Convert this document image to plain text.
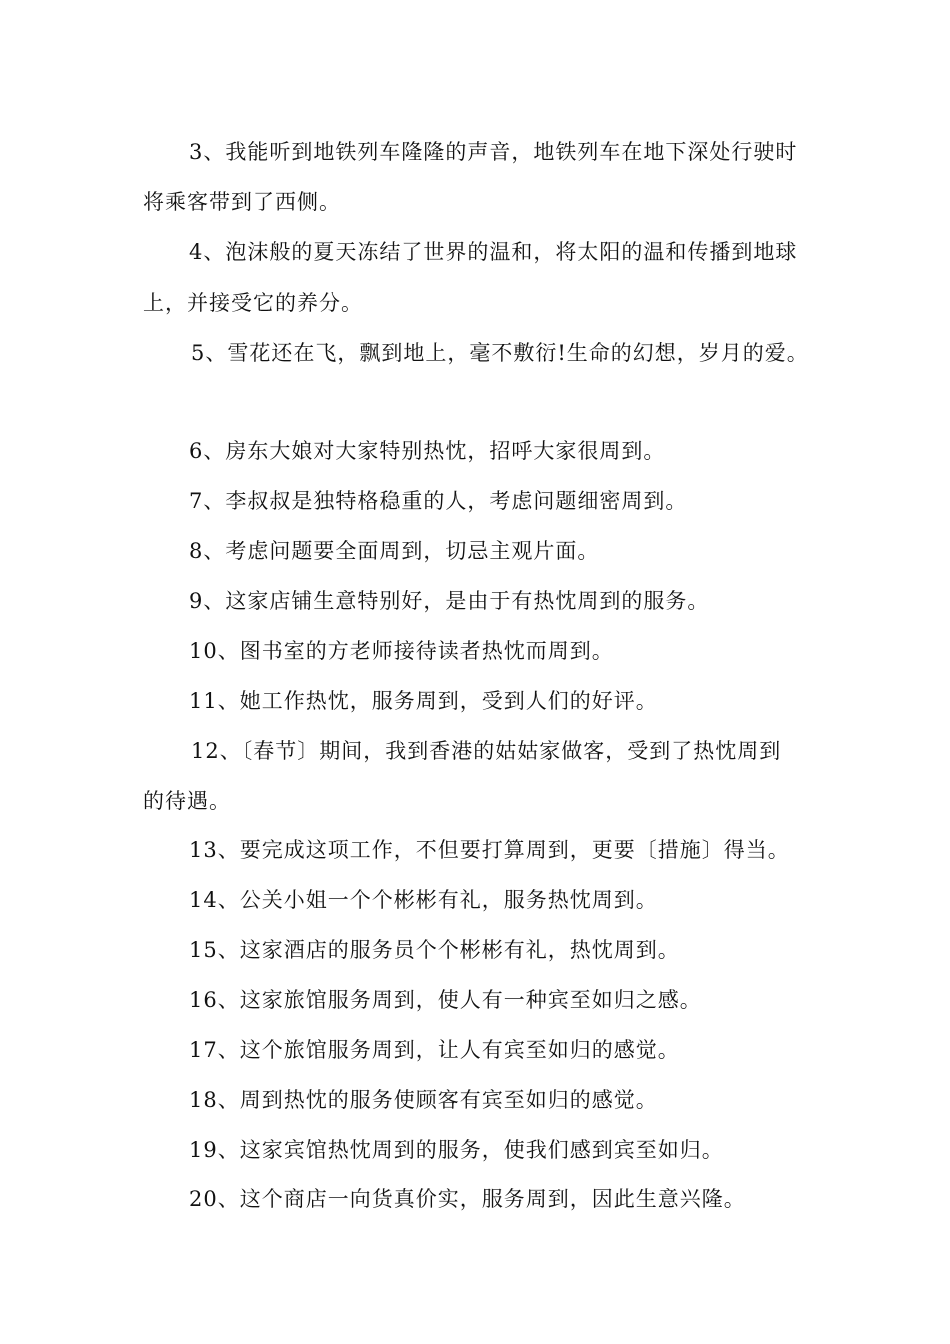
3、我能听到地铁列车隆隆的声音，地铁列车在地下深处行驶时
将乘客带到了西侧。
4、泡沫般的夏天冻结了世界的温和，将太阳的温和传播到地球
上，并接受它的养分。
5、雪花还在飞，飘到地上，毫不敷衍!生命的幻想，岁月的爱。
6、房东大娘对大家特别热忱，招呼大家很周到。
7、李叔叔是独特格稳重的人，考虑问题细密周到。
8、考虑问题要全面周到，切忌主观片面。
9、这家店铺生意特别好，是由于有热忱周到的服务。
10、图书室的方老师接待读者热忱而周到。
11、她工作热忱，服务周到，受到人们的好评。
12、〔春节〕期间，我到香港的姑姑家做客，受到了热忱周到
的待遇。
13、要完成这项工作，不但要打算周到，更要〔措施〕得当。
14、公关小姐一个个彬彬有礼，服务热忱周到。
15、这家酒店的服务员个个彬彬有礼，热忱周到。
16、这家旅馆服务周到，使人有一种宾至如归之感。
17、这个旅馆服务周到，让人有宾至如归的感觉。
18、周到热忱的服务使顾客有宾至如归的感觉。
19、这家宾馆热忱周到的服务，使我们感到宾至如归。
20、这个商店一向货真价实，服务周到，因此生意兴隆。
